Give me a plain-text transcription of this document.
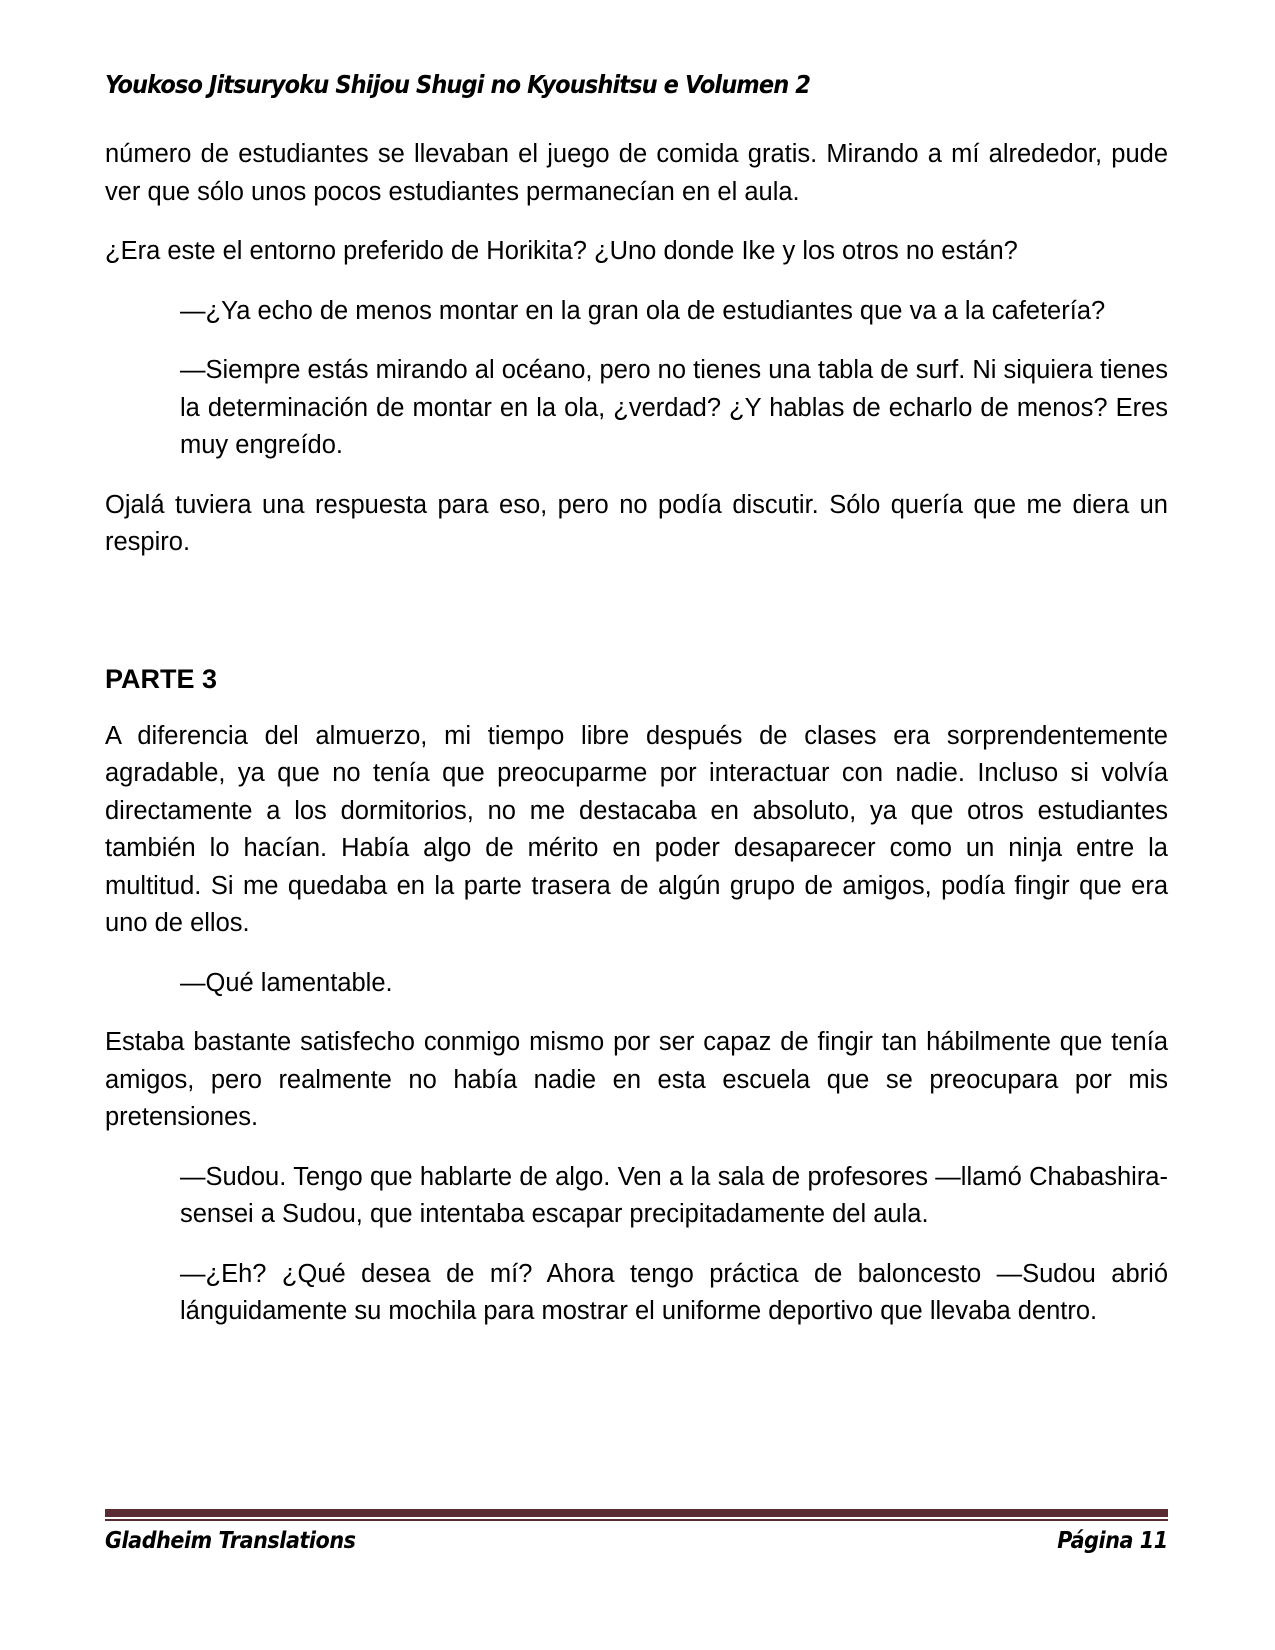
Youkoso Jitsuryoku Shijou Shugi no Kyoushitsu e Volumen 2

número de estudiantes se llevaban el juego de comida gratis. Mirando a mí alrededor, pude ver que sólo unos pocos estudiantes permanecían en el aula.

¿Era este el entorno preferido de Horikita? ¿Uno donde Ike y los otros no están?

—¿Ya echo de menos montar en la gran ola de estudiantes que va a la cafetería?

—Siempre estás mirando al océano, pero no tienes una tabla de surf. Ni siquiera tienes la determinación de montar en la ola, ¿verdad? ¿Y hablas de echarlo de menos? Eres muy engreído.

Ojalá tuviera una respuesta para eso, pero no podía discutir. Sólo quería que me diera un respiro.

PARTE 3

A diferencia del almuerzo, mi tiempo libre después de clases era sorprendentemente agradable, ya que no tenía que preocuparme por interactuar con nadie. Incluso si volvía directamente a los dormitorios, no me destacaba en absoluto, ya que otros estudiantes también lo hacían. Había algo de mérito en poder desaparecer como un ninja entre la multitud. Si me quedaba en la parte trasera de algún grupo de amigos, podía fingir que era uno de ellos.

—Qué lamentable.

Estaba bastante satisfecho conmigo mismo por ser capaz de fingir tan hábilmente que tenía amigos, pero realmente no había nadie en esta escuela que se preocupara por mis pretensiones.

—Sudou. Tengo que hablarte de algo. Ven a la sala de profesores —llamó Chabashira-sensei a Sudou, que intentaba escapar precipitadamente del aula.

—¿Eh? ¿Qué desea de mí? Ahora tengo práctica de baloncesto —Sudou abrió lánguidamente su mochila para mostrar el uniforme deportivo que llevaba dentro.

Gladheim Translations	Página 11
